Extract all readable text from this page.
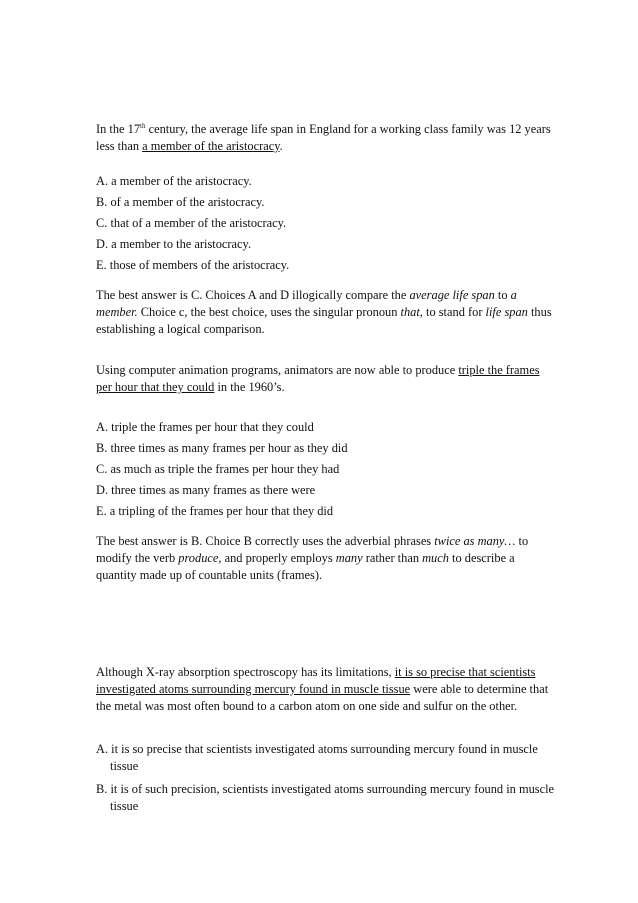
In the 17th century, the average life span in England for a working class family was 12 years less than a member of the aristocracy.

A. a member of the aristocracy.

B. of a member of the aristocracy.

C. that of a member of the aristocracy.

D. a member to the aristocracy.

E. those of members of the aristocracy.

The best answer is C. Choices A and D illogically compare the average life span to a member. Choice c, the best choice, uses the singular pronoun that, to stand for life span thus establishing a logical comparison.

Using computer animation programs, animators are now able to produce triple the frames per hour that they could in the 1960’s.

A. triple the frames per hour that they could

B. three times as many frames per hour as they did

C. as much as triple the frames per hour they had

D. three times as many frames as there were

E. a tripling of the frames per hour that they did

The best answer is B. Choice B correctly uses the adverbial phrases twice as many… to modify the verb produce, and properly employs many rather than much to describe a quantity made up of countable units (frames).

Although X-ray absorption spectroscopy has its limitations, it is so precise that scientists investigated atoms surrounding mercury found in muscle tissue were able to determine that the metal was most often bound to a carbon atom on one side and sulfur on the other.

A. it is so precise that scientists investigated atoms surrounding mercury found in muscle tissue

B. it is of such precision, scientists investigated atoms surrounding mercury found in muscle tissue
